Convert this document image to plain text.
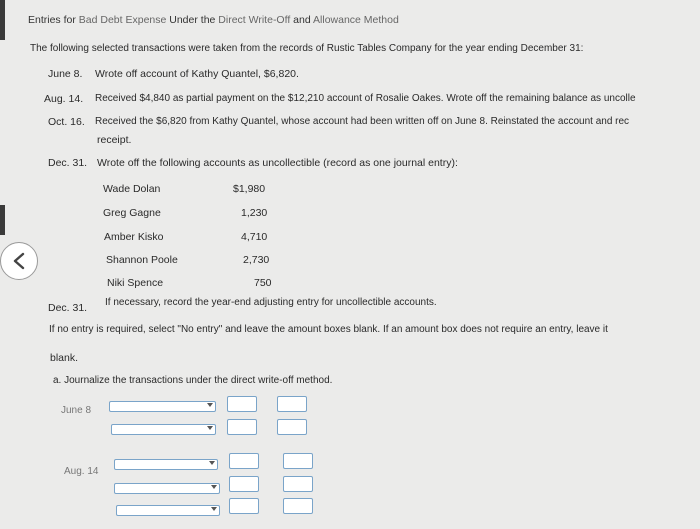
Entries for Bad Debt Expense Under the Direct Write-Off and Allowance Method
The following selected transactions were taken from the records of Rustic Tables Company for the year ending December 31:
June 8. Wrote off account of Kathy Quantel, $6,820.
Aug. 14. Received $4,840 as partial payment on the $12,210 account of Rosalie Oakes. Wrote off the remaining balance as uncolle
Oct. 16. Received the $6,820 from Kathy Quantel, whose account had been written off on June 8. Reinstated the account and rec
receipt.
Dec. 31. Wrote off the following accounts as uncollectible (record as one journal entry):
Wade Dolan	$1,980
Greg Gagne	1,230
Amber Kisko	4,710
Shannon Poole	2,730
Niki Spence	750
Dec. 31. If necessary, record the year-end adjusting entry for uncollectible accounts.
If no entry is required, select "No entry" and leave the amount boxes blank. If an amount box does not require an entry, leave it
blank.
a. Journalize the transactions under the direct write-off method.
June 8
Aug. 14
